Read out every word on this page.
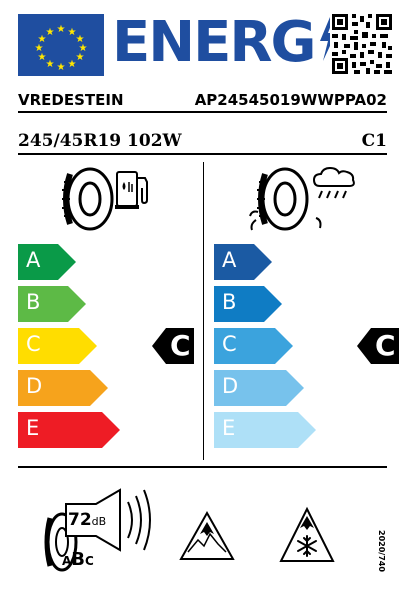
★ ★
★
★
★
★
★
★
★
★
★
★ ENERG
VREDESTEIN	AP24545019WWPPA02
245/45R19 102W	C1
A
B
C
D
E
C
A
B
C
D
E
C
72dB
ABC	2020/740
